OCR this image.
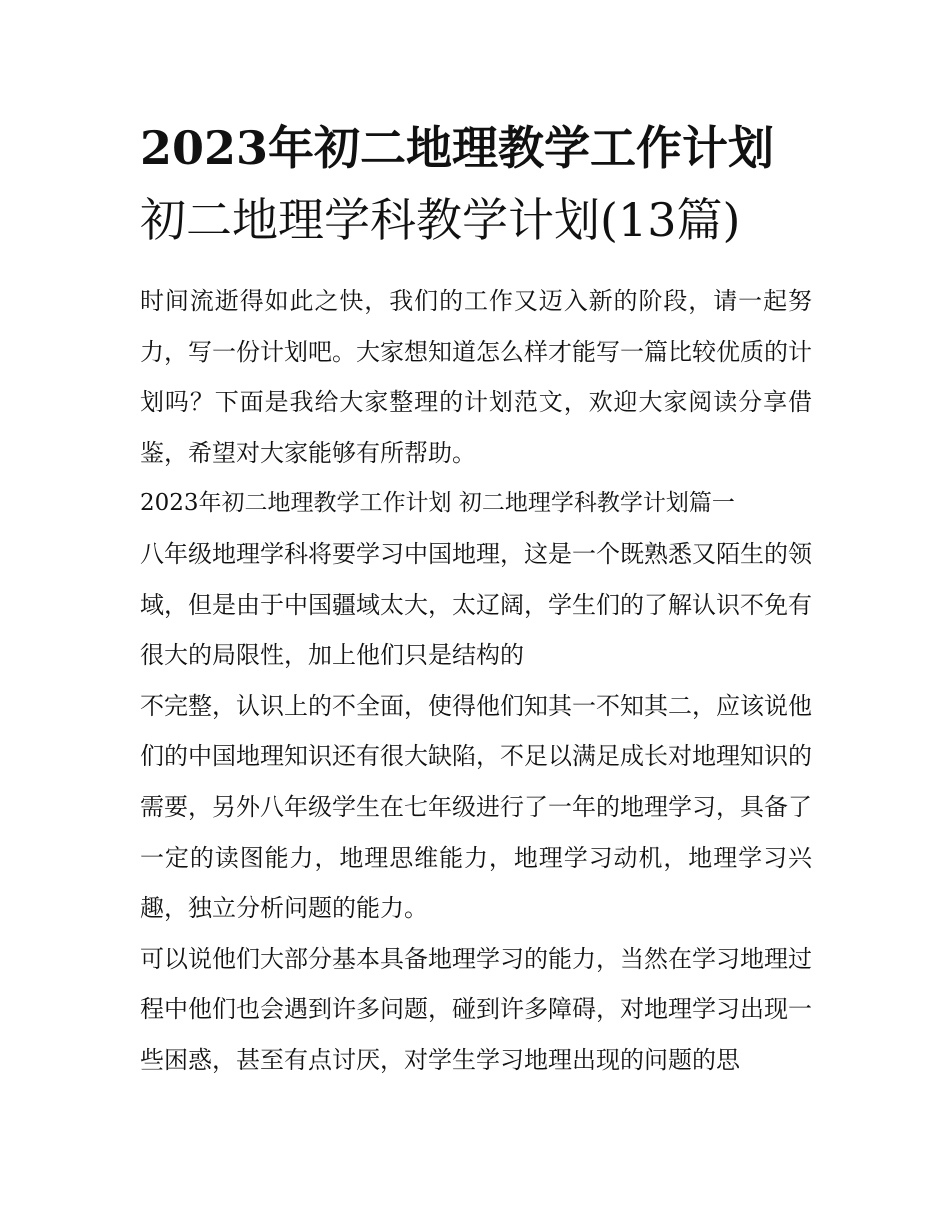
2023年初二地理教学工作计划
初二地理学科教学计划(13篇)

时间流逝得如此之快，我们的工作又迈入新的阶段，请一起努力，写一份计划吧。大家想知道怎么样才能写一篇比较优质的计划吗？下面是我给大家整理的计划范文，欢迎大家阅读分享借鉴，希望对大家能够有所帮助。

2023年初二地理教学工作计划 初二地理学科教学计划篇一

八年级地理学科将要学习中国地理，这是一个既熟悉又陌生的领域，但是由于中国疆域太大，太辽阔，学生们的了解认识不免有很大的局限性，加上他们只是结构的

不完整，认识上的不全面，使得他们知其一不知其二，应该说他们的中国地理知识还有很大缺陷，不足以满足成长对地理知识的需要，另外八年级学生在七年级进行了一年的地理学习，具备了一定的读图能力，地理思维能力，地理学习动机，地理学习兴趣，独立分析问题的能力。

可以说他们大部分基本具备地理学习的能力，当然在学习地理过程中他们也会遇到许多问题，碰到许多障碍，对地理学习出现一些困惑，甚至有点讨厌，对学生学习地理出现的问题的思
